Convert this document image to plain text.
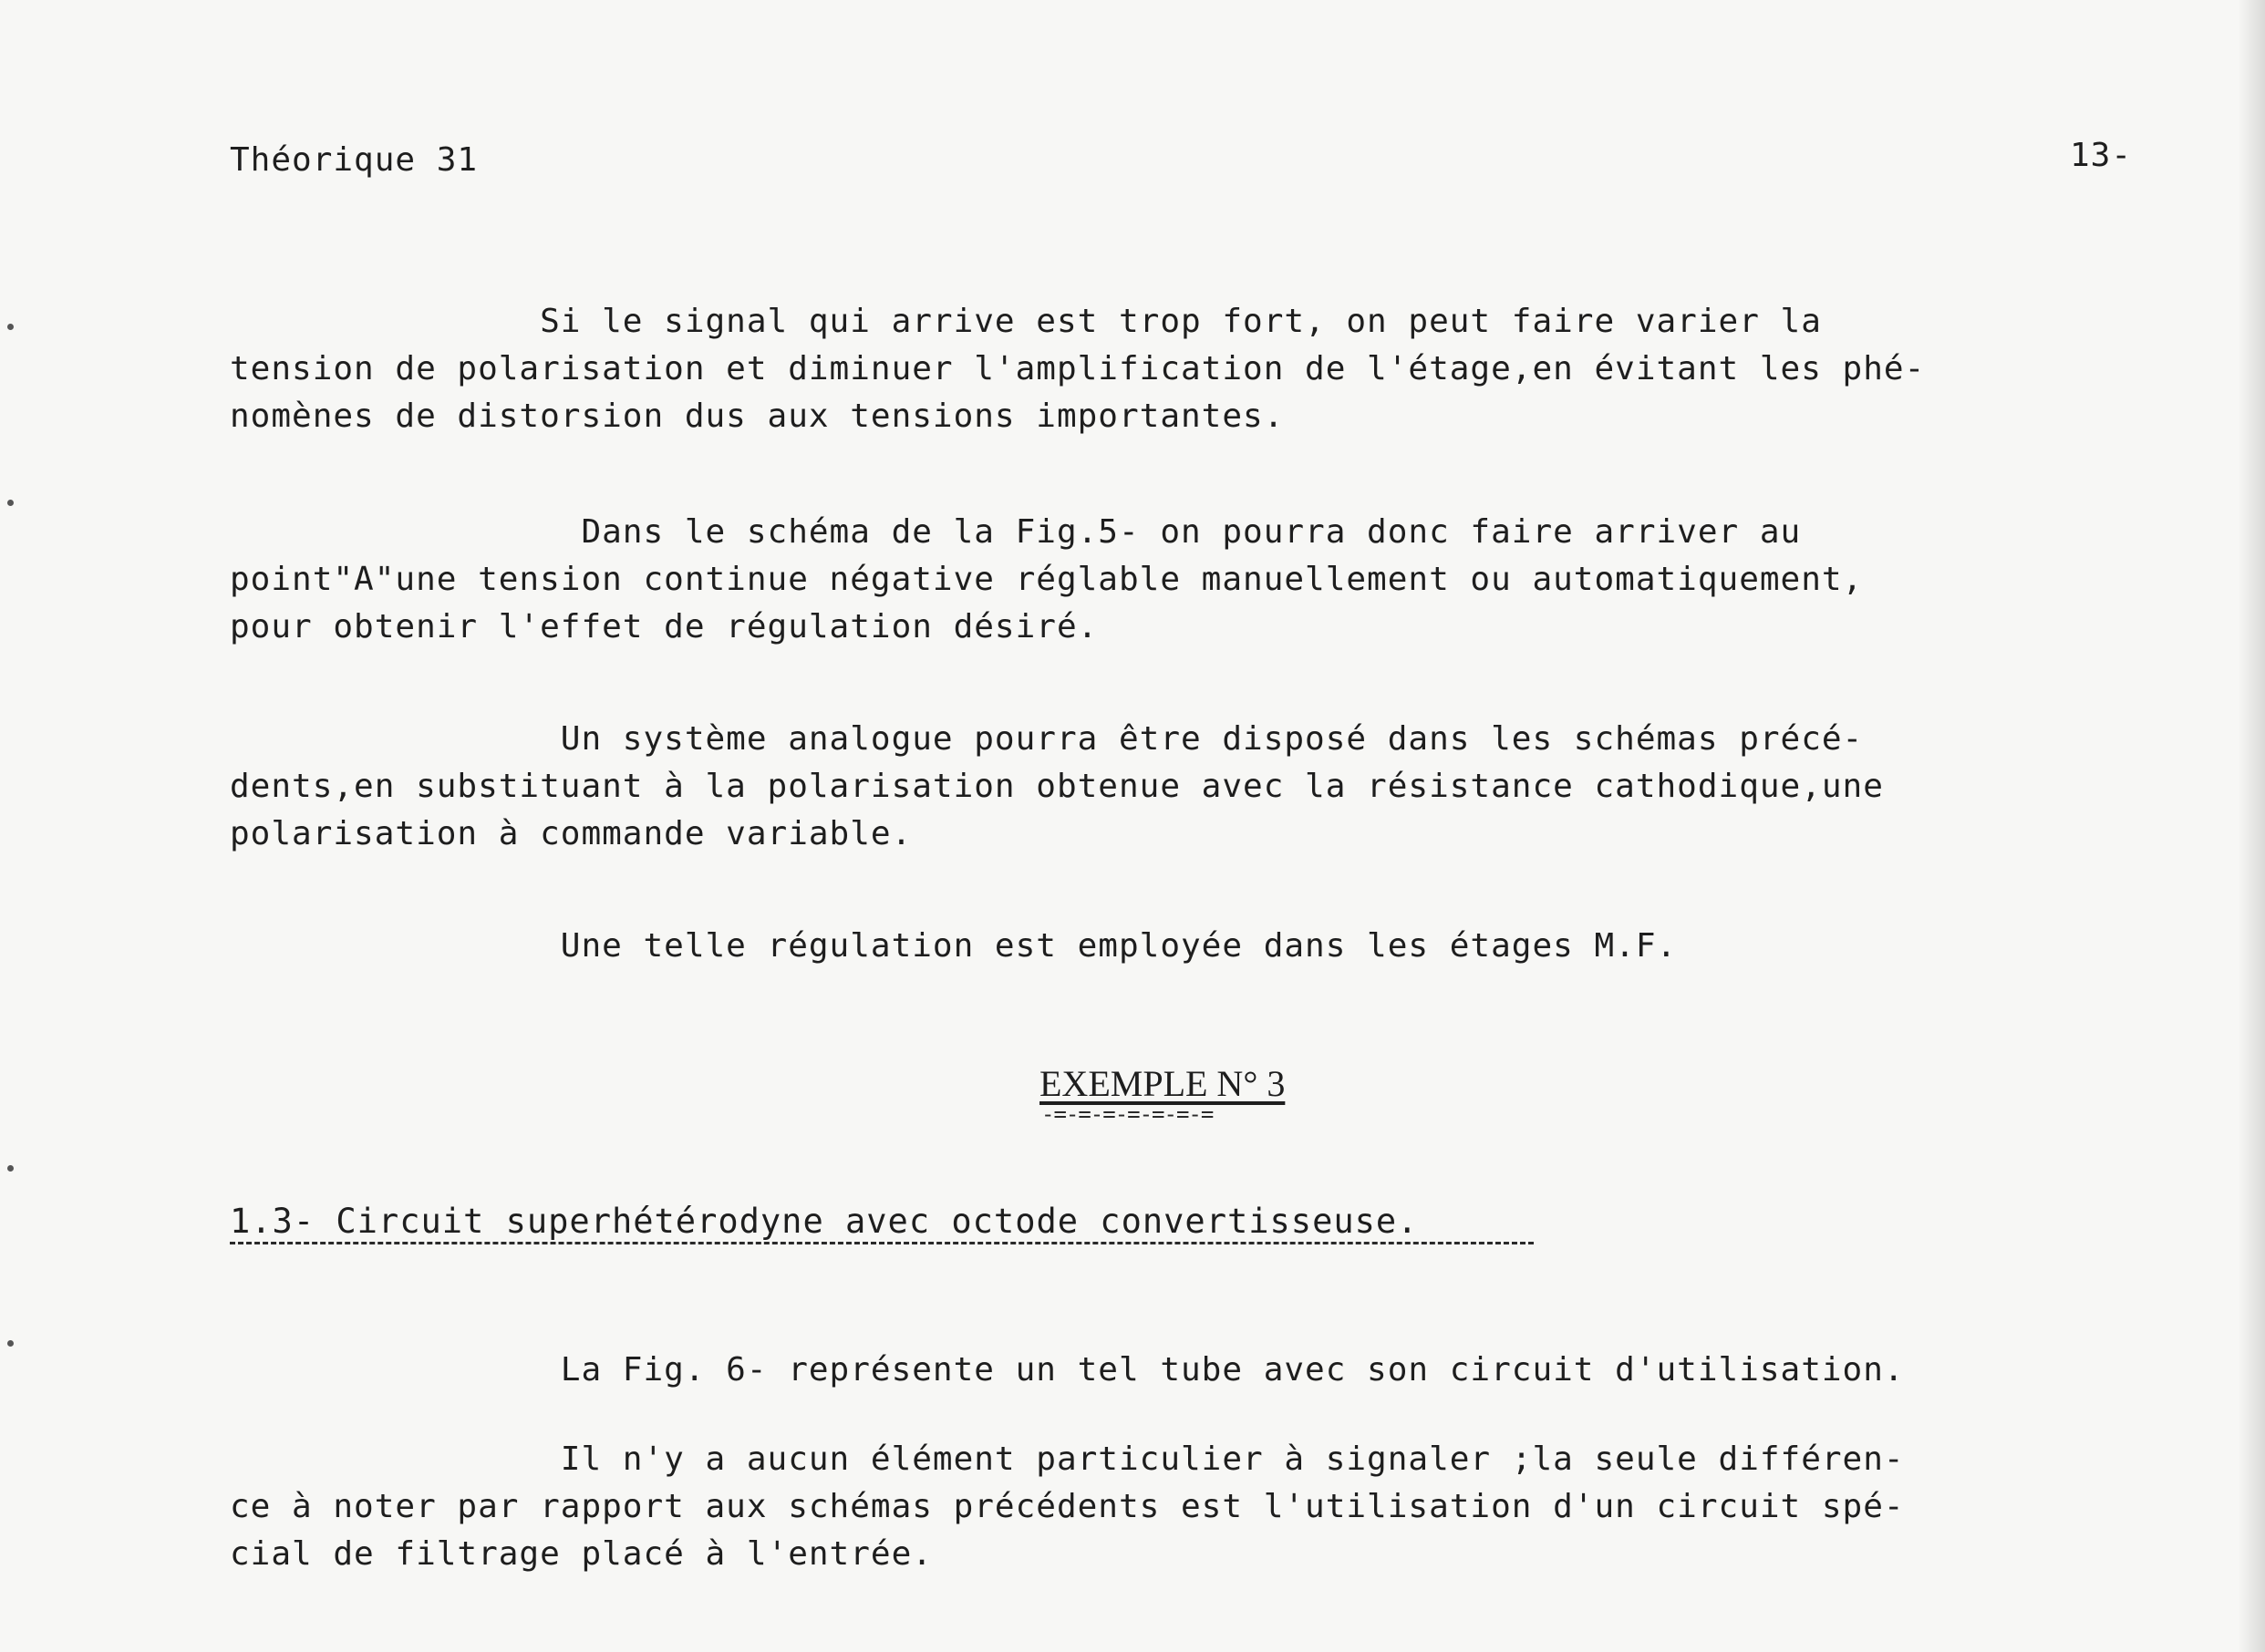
Théorique 31	13-

Si le signal qui arrive est trop fort, on peut faire varier la
tension de polarisation et diminuer l'amplification de l'étage,en évitant les phé-
nomènes de distorsion dus aux tensions importantes.

Dans le schéma de la Fig.5- on pourra donc faire arriver au
point"A"une tension continue négative réglable manuellement ou automatiquement,
pour obtenir l'effet de régulation désiré.

Un système analogue pourra être disposé dans les schémas précé-
dents,en substituant à la polarisation obtenue avec la résistance cathodique,une
polarisation à commande variable.

Une telle régulation est employée dans les étages M.F.

EXEMPLE N° 3
-=-=-=-=-=-=-=
1.3- Circuit superhétérodyne avec octode convertisseuse.

La Fig. 6- représente un tel tube avec son circuit d'utilisation.

Il n'y a aucun élément particulier à signaler ;la seule différen-
ce à noter par rapport aux schémas précédents est l'utilisation d'un circuit spé-
cial de filtrage placé à l'entrée.
